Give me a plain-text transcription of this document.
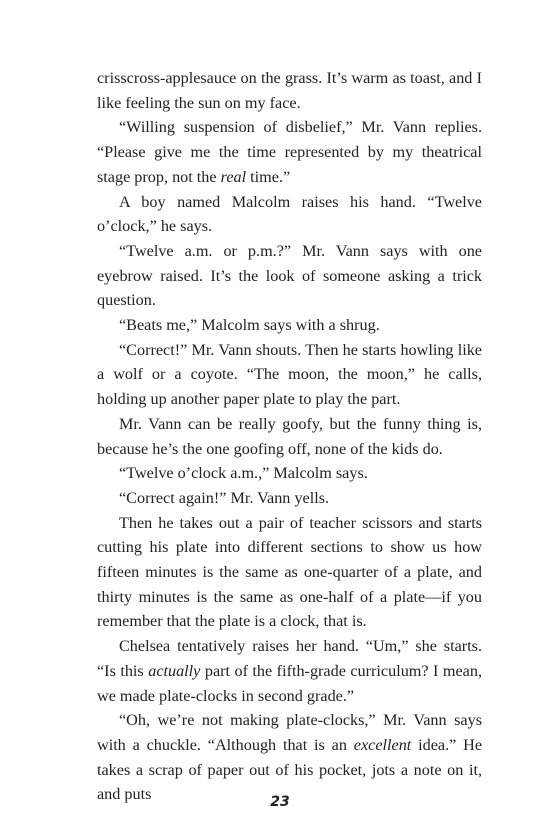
crisscross-applesauce on the grass. It’s warm as toast, and I like feeling the sun on my face.

“Willing suspension of disbelief,” Mr. Vann replies. “Please give me the time represented by my theatrical stage prop, not the real time.”

A boy named Malcolm raises his hand. “Twelve o’clock,” he says.

“Twelve a.m. or p.m.?” Mr. Vann says with one eyebrow raised. It’s the look of someone asking a trick question.

“Beats me,” Malcolm says with a shrug.

“Correct!” Mr. Vann shouts. Then he starts howling like a wolf or a coyote. “The moon, the moon,” he calls, holding up another paper plate to play the part.

Mr. Vann can be really goofy, but the funny thing is, because he’s the one goofing off, none of the kids do.

“Twelve o’clock a.m.,” Malcolm says.

“Correct again!” Mr. Vann yells.

Then he takes out a pair of teacher scissors and starts cutting his plate into different sections to show us how fifteen minutes is the same as one-quarter of a plate, and thirty minutes is the same as one-half of a plate—if you remember that the plate is a clock, that is.

Chelsea tentatively raises her hand. “Um,” she starts. “Is this actually part of the fifth-grade curriculum? I mean, we made plate-clocks in second grade.”

“Oh, we’re not making plate-clocks,” Mr. Vann says with a chuckle. “Although that is an excellent idea.” He takes a scrap of paper out of his pocket, jots a note on it, and puts	23
